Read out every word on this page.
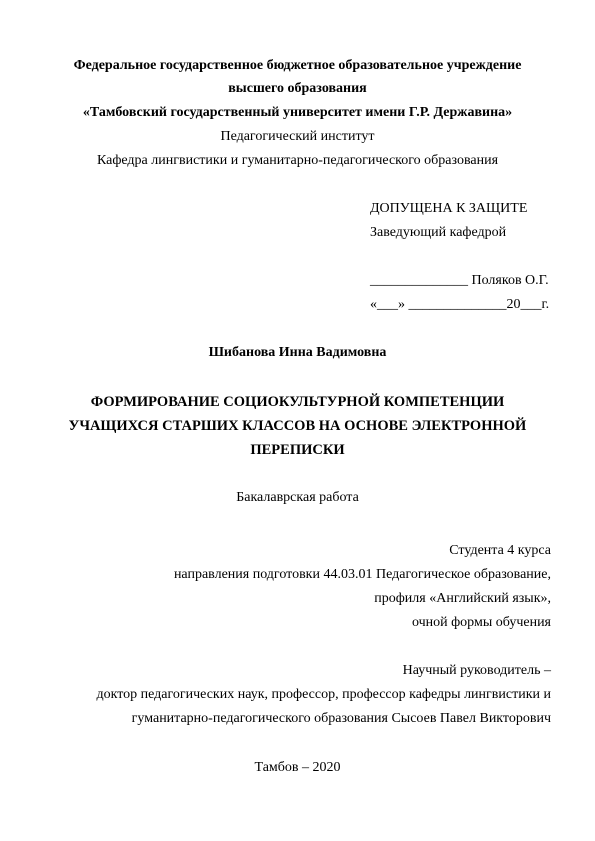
Федеральное государственное бюджетное образовательное учреждение
высшего образования
«Тамбовский государственный университет имени Г.Р. Державина»
Педагогический институт
Кафедра лингвистики и гуманитарно-педагогического образования
ДОПУЩЕНА К ЗАЩИТЕ
Заведующий кафедрой
______________ Поляков О.Г.
«___» ______________20___г.
Шибанова Инна Вадимовна
ФОРМИРОВАНИЕ СОЦИОКУЛЬТУРНОЙ КОМПЕТЕНЦИИ
УЧАЩИХСЯ СТАРШИХ КЛАССОВ НА ОСНОВЕ ЭЛЕКТРОННОЙ
ПЕРЕПИСКИ
Бакалаврская работа
Студента 4 курса
направления подготовки 44.03.01 Педагогическое образование,
профиля «Английский язык»,
очной формы обучения
Научный руководитель –
доктор педагогических наук, профессор, профессор кафедры лингвистики и
гуманитарно-педагогического образования Сысоев Павел Викторович
Тамбов – 2020
